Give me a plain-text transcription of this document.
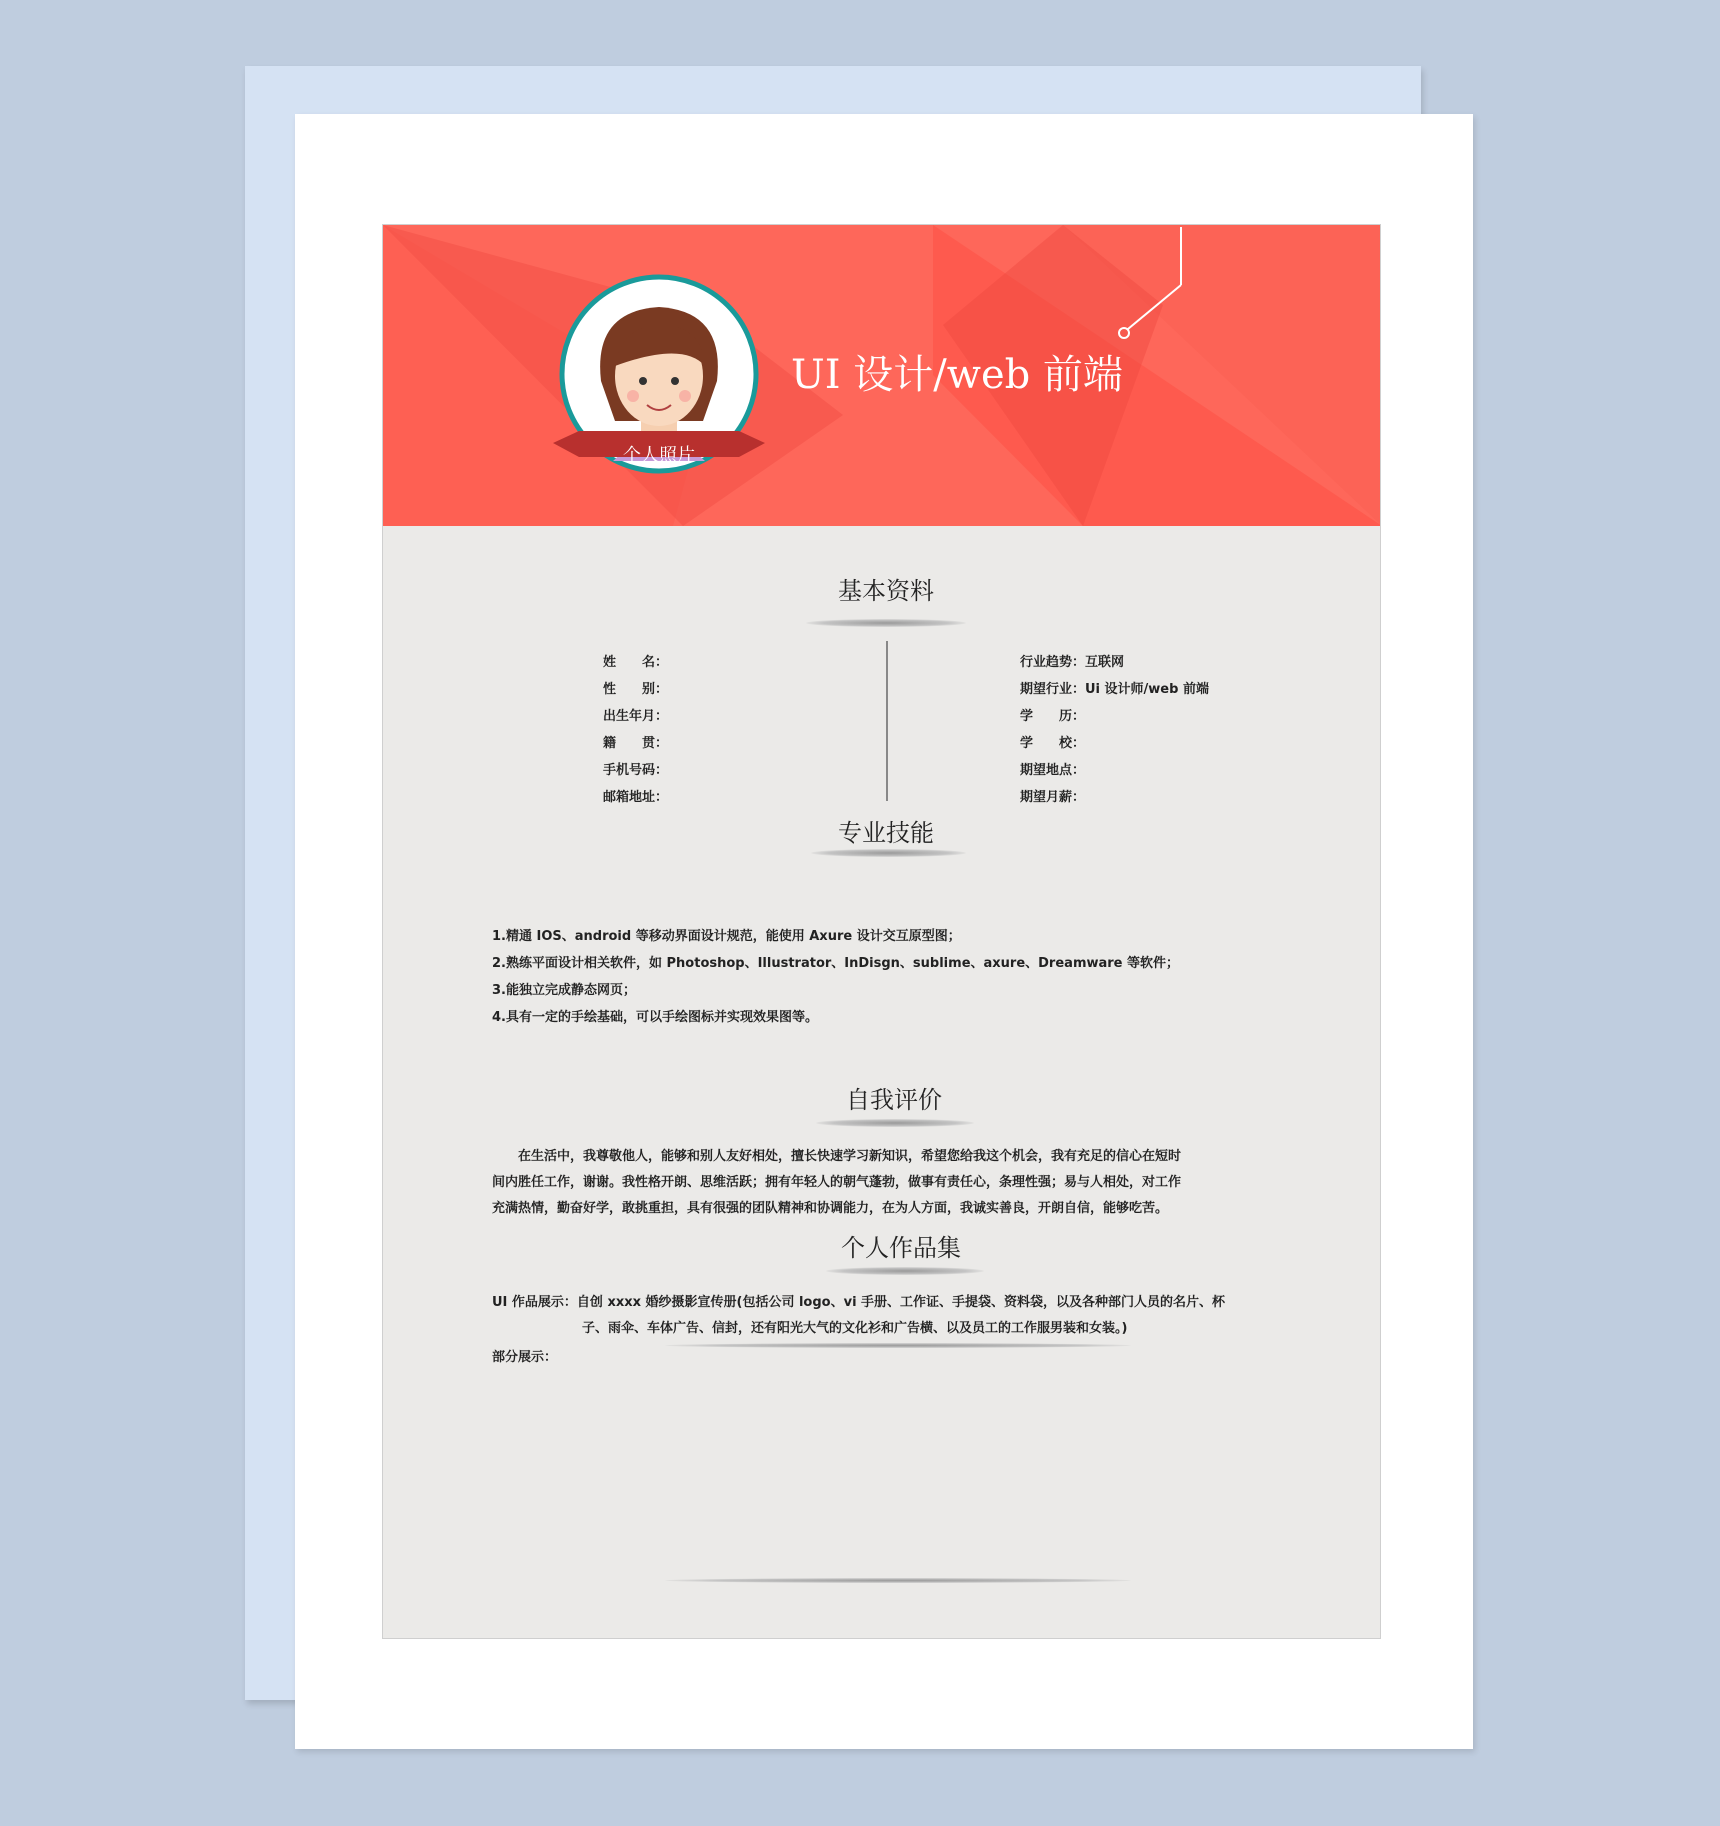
个人照片
UI 设计/web 前端
基本资料
姓　　名：
性　　别：
出生年月：
籍　　贯：
手机号码：
邮箱地址：
行业趋势：互联网
期望行业：Ui 设计师/web 前端
学　　历：
学　　校：
期望地点：
期望月薪：
专业技能
1.精通 IOS、android 等移动界面设计规范，能使用 Axure 设计交互原型图；
2.熟练平面设计相关软件，如 Photoshop、Illustrator、InDisgn、sublime、axure、Dreamware 等软件；
3.能独立完成静态网页；
4.具有一定的手绘基础，可以手绘图标并实现效果图等。
自我评价
　　在生活中，我尊敬他人，能够和别人友好相处，擅长快速学习新知识，希望您给我这个机会，我有充足的信心在短时
间内胜任工作，谢谢。我性格开朗、思维活跃；拥有年轻人的朝气蓬勃，做事有责任心，条理性强；易与人相处，对工作
充满热情，勤奋好学，敢挑重担，具有很强的团队精神和协调能力，在为人方面，我诚实善良，开朗自信，能够吃苦。
个人作品集
UI 作品展示：自创 xxxx 婚纱摄影宣传册(包括公司 logo、vi 手册、工作证、手提袋、资料袋，以及各种部门人员的名片、杯
子、雨伞、车体广告、信封，还有阳光大气的文化衫和广告横、以及员工的工作服男装和女装。)
部分展示：
